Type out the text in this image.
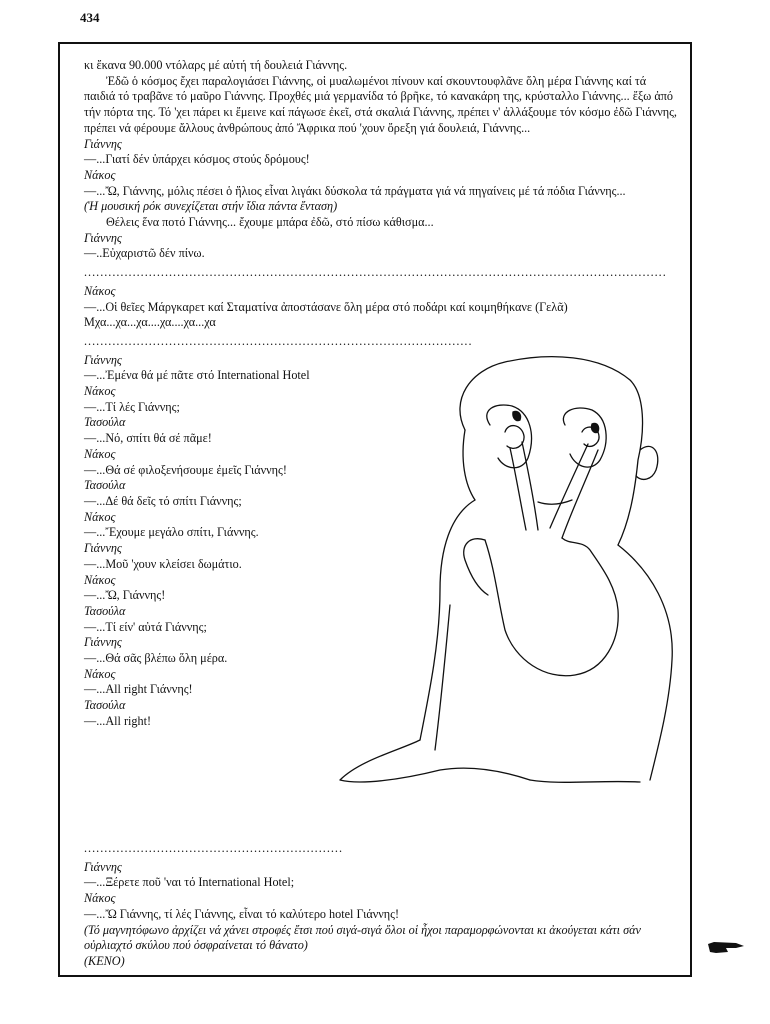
434

κι ἔκανα 90.000 ντόλαρς μέ αὐτή τή δουλειά Γιάννης.

Ἐδῶ ὁ κόσμος ἔχει παραλογιάσει Γιάννης, οἱ μυαλωμένοι πίνουν καί σκουντουφλᾶνε ὅλη μέρα Γιάννης καί τά παιδιά τό τραβᾶνε τό μαῦρο Γιάννης. Προχθές μιά γερμανίδα τό βρῆκε, τό κανακάρη της, κρύσταλλο Γιάννης... ἔξω ἀπό τήν πόρτα της. Τό 'χει πάρει κι ἔμεινε καί πάγωσε ἐκεῖ, στά σκαλιά Γιάννης, πρέπει ν' ἀλλάξουμε τόν κόσμο ἐδῶ Γιάννης, πρέπει νά φέρουμε ἄλλους ἀνθρώπους ἀπό Ἄφρικα πού 'χουν ὄρεξη γιά δουλειά, Γιάννης...

Γιάννης

—...Γιατί δέν ὑπάρχει κόσμος στούς δρόμους!

Νάκος

—...Ὤ, Γιάννης, μόλις πέσει ὁ ἥλιος εἶναι λιγάκι δύσκολα τά πράγματα γιά νά πηγαίνεις μέ τά πόδια Γιάννης...

(Ἡ μουσική ρόκ συνεχίζεται στήν ἴδια πάντα ἔνταση)

Θέλεις ἕνα ποτό Γιάννης... ἔχουμε μπάρα ἐδῶ, στό πίσω κάθισμα...

Γιάννης

—..Εὐχαριστῶ δέν πίνω.

................................................................................................................................................

Νάκος

—...Οἱ θεῖες Μάργκαρετ καί Σταματίνα ἀποστάσανε ὅλη μέρα στό ποδάρι καί κοιμηθήκανε (Γελᾶ) Μχα...χα...χα....χα....χα...χα

................................................................................................

Γιάννης

—...Ἐμένα θά μέ πᾶτε στό International Hotel

Νάκος

—...Τί λές Γιάννης;

Τασούλα

—...Νό, σπίτι θά σέ πᾶμε!

Νάκος

—...Θά σέ φιλοξενήσουμε ἐμεῖς Γιάννης!

Τασούλα

—...Δέ θά δεῖς τό σπίτι Γιάννης;

Νάκος

—...Ἔχουμε μεγάλο σπίτι, Γιάννης.

Γιάννης

—...Μοῦ 'χουν κλείσει δωμάτιο.

Νάκος

—...Ὤ, Γιάννης!

Τασούλα

—...Τί είν' αὐτά Γιάννης;

Γιάννης

—...Θά σᾶς βλέπω ὅλη μέρα.

Νάκος

—...All right Γιάννης!

Τασούλα

—...All right!

................................................................

Γιάννης

—...Ξέρετε ποῦ 'ναι τό International Hotel;

Νάκος

—...Ὤ Γιάννης, τί λές Γιάννης, εἶναι τό καλύτερο hotel Γιάννης!

(Τό μαγνητόφωνο ἀρχίζει νά χάνει στροφές ἔτσι πού σιγά-σιγά ὅλοι οἱ ἦχοι παραμορφώνονται κι ἀκούγεται κάτι σάν οὐρλιαχτό σκύλου πού ὀσφραίνεται τό θάνατο)

(ΚΕΝΟ)
